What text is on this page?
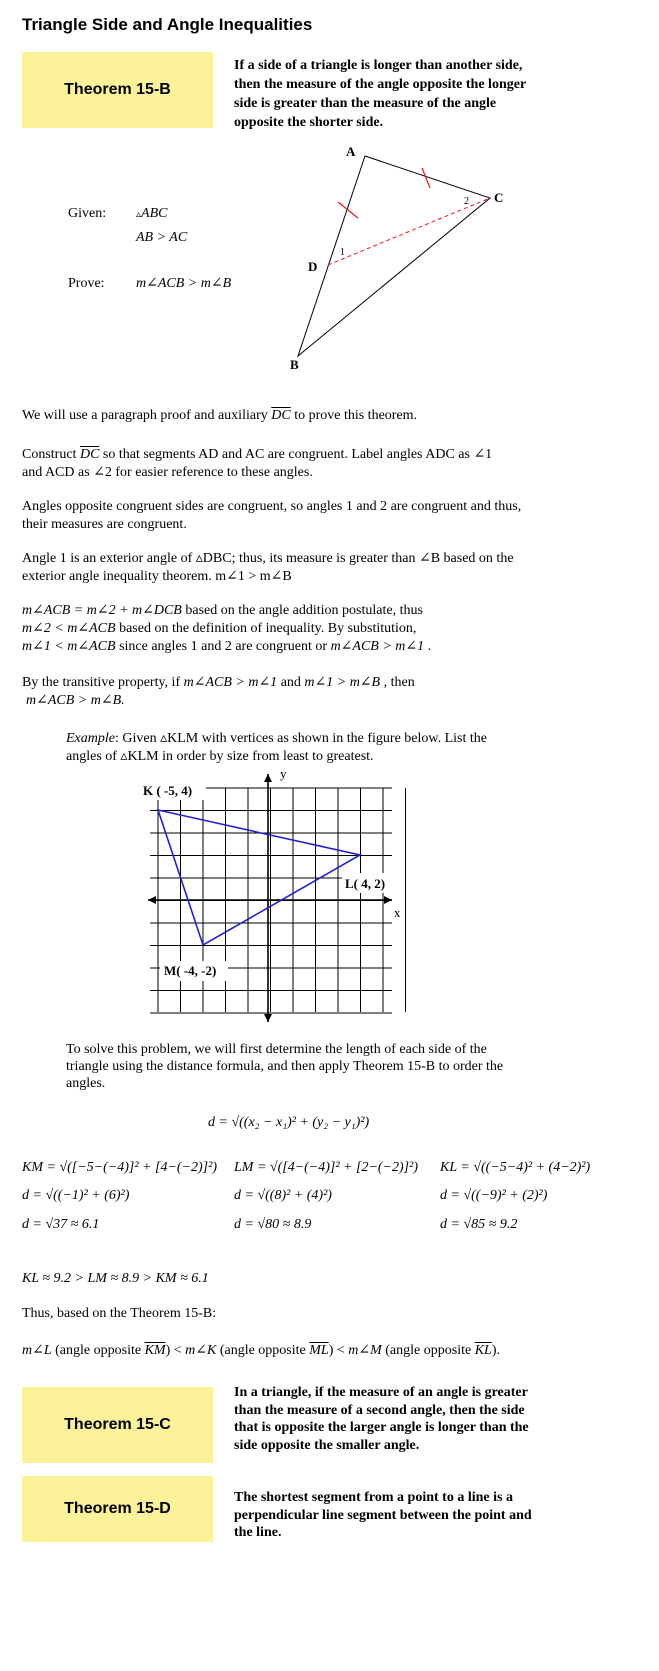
Triangle Side and Angle Inequalities
Theorem 15-B
If a side of a triangle is longer than another side, then the measure of the angle opposite the longer side is greater than the measure of the angle opposite the shorter side.
Given:	▵ABC
AB > AC
Prove: m∠ACB > m∠B
A
C
D
B
1
2
We will use a paragraph proof and auxiliary $\overline{DC}$ to prove this theorem.
Construct $\overline{DC}$ so that segments AD and AC are congruent. Label angles ADC as ∠1
and ACD as ∠2 for easier reference to these angles.
Angles opposite congruent sides are congruent, so angles 1 and 2 are congruent and thus,
their measures are congruent.
Angle 1 is an exterior angle of ▵DBC; thus, its measure is greater than ∠B based on the
exterior angle inequality theorem. m∠1 > m∠B
m∠ACB = m∠2 + m∠DCB based on the angle addition postulate, thus
m∠2 < m∠ACB based on the definition of inequality. By substitution,
m∠1 < m∠ACB since angles 1 and 2 are congruent or m∠ACB > m∠1 .
By the transitive property, if m∠ACB > m∠1 and m∠1 > m∠B , then
m∠ACB > m∠B.
Example: Given ▵KLM with vertices as shown in the figure below. List the
angles of ▵KLM in order by size from least to greatest.
K ( -5, 4)
L( 4, 2)
M( -4, -2)
x
y
To solve this problem, we will first determine the length of each side of the
triangle using the distance formula, and then apply Theorem 15-B to order the
angles.
d = √((x₂ − x₁)² + (y₂ − y₁)²)
KM = √([−5−(−4)]² + [4−(−2)]²)
d = √((−1)² + (6)²)
d = √37 ≈ 6.1
LM = √([4−(−4)]² + [2−(−2)]²)
d = √((8)² + (4)²)
d = √80 ≈ 8.9
KL = √((−5−4)² + (4−2)²)
d = √((−9)² + (2)²)
d = √85 ≈ 9.2
KL ≈ 9.2 > LM ≈ 8.9 > KM ≈ 6.1
Thus, based on the Theorem 15-B:
m∠L (angle opposite $\overline{KM}$) < m∠K (angle opposite $\overline{ML}$) < m∠M (angle opposite $\overline{KL}$).
Theorem 15-C
In a triangle, if the measure of an angle is greater than the measure of a second angle, then the side that is opposite the larger angle is longer than the side opposite the smaller angle.
Theorem 15-D
The shortest segment from a point to a line is a perpendicular line segment between the point and the line.
